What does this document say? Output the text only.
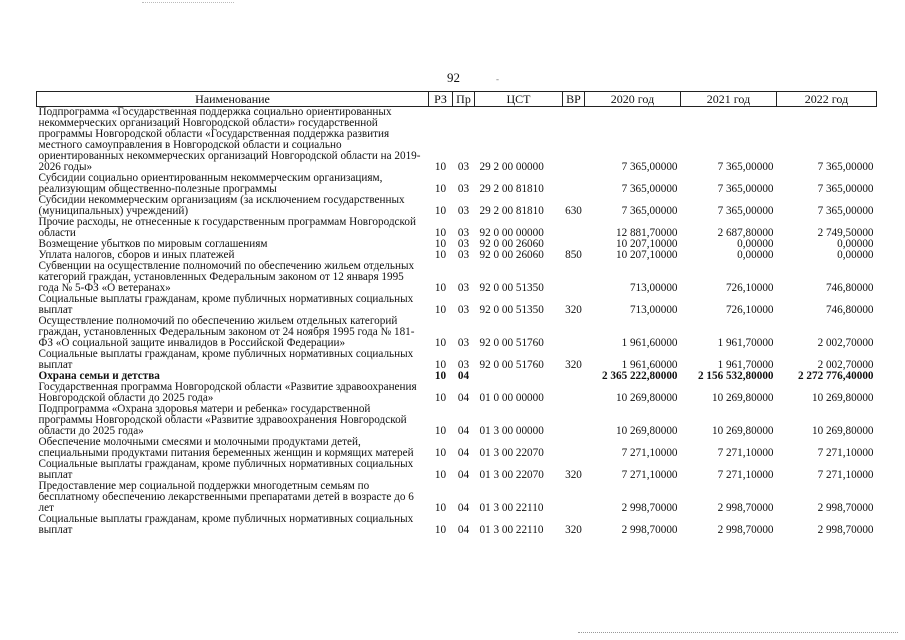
92	-
Наименование	РЗ	Пр	ЦСТ	ВР	2020 год	2021 год	2022 год
Подпрограмма «Государственная поддержка социально ориентированных некоммерческих организаций Новгородской области» государственной программы Новгородской области «Государственная поддержка развития местного самоуправления в Новгородской области и социально ориентированных некоммерческих организаций Новгородской области на 2019-2026 годы»	10	03	29 2 00 00000		7 365,00000	7 365,00000	7 365,00000
Субсидии социально ориентированным некоммерческим организациям, реализующим общественно-полезные программы	10	03	29 2 00 81810		7 365,00000	7 365,00000	7 365,00000
Субсидии некоммерческим организациям (за исключением государственных (муниципальных) учреждений)	10	03	29 2 00 81810	630	7 365,00000	7 365,00000	7 365,00000
Прочие расходы, не отнесенные к государственным программам Новгородской области	10	03	92 0 00 00000		12 881,70000	2 687,80000	2 749,50000
Возмещение убытков по мировым соглашениям	10	03	92 0 00 26060		10 207,10000	0,00000	0,00000
Уплата налогов, сборов и иных платежей	10	03	92 0 00 26060	850	10 207,10000	0,00000	0,00000
Субвенции на осуществление полномочий по обеспечению жильем отдельных категорий граждан, установленных Федеральным законом от 12 января 1995 года № 5-ФЗ «О ветеранах»	10	03	92 0 00 51350		713,00000	726,10000	746,80000
Социальные выплаты гражданам, кроме публичных нормативных социальных выплат	10	03	92 0 00 51350	320	713,00000	726,10000	746,80000
Осуществление полномочий по обеспечению жильем отдельных категорий граждан, установленных Федеральным законом от 24 ноября 1995 года № 181-ФЗ «О социальной защите инвалидов в Российской Федерации»	10	03	92 0 00 51760		1 961,60000	1 961,70000	2 002,70000
Социальные выплаты гражданам, кроме публичных нормативных социальных выплат	10	03	92 0 00 51760	320	1 961,60000	1 961,70000	2 002,70000
Охрана семьи и детства	10	04			2 365 222,80000	2 156 532,80000	2 272 776,40000
Государственная программа Новгородской области «Развитие здравоохранения Новгородской области до 2025 года»	10	04	01 0 00 00000		10 269,80000	10 269,80000	10 269,80000
Подпрограмма «Охрана здоровья матери и ребенка» государственной программы Новгородской области «Развитие здравоохранения Новгородской области до 2025 года»	10	04	01 3 00 00000		10 269,80000	10 269,80000	10 269,80000
Обеспечение молочными смесями и молочными продуктами детей, специальными продуктами питания беременных женщин и кормящих матерей	10	04	01 3 00 22070		7 271,10000	7 271,10000	7 271,10000
Социальные выплаты гражданам, кроме публичных нормативных социальных выплат	10	04	01 3 00 22070	320	7 271,10000	7 271,10000	7 271,10000
Предоставление мер социальной поддержки многодетным семьям по бесплатному обеспечению лекарственными препаратами детей в возрасте до 6 лет	10	04	01 3 00 22110		2 998,70000	2 998,70000	2 998,70000
Социальные выплаты гражданам, кроме публичных нормативных социальных выплат	10	04	01 3 00 22110	320	2 998,70000	2 998,70000	2 998,70000
